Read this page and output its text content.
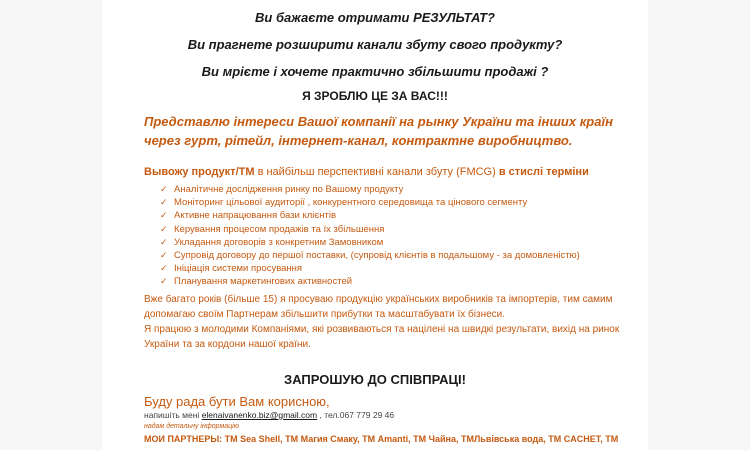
Ви бажаєте отримати РЕЗУЛЬТАТ?
Ви прагнете розширити канали збуту свого продукту?
Ви мрієте і хочете практично збільшити продажі ?
Я ЗРОБЛЮ ЦЕ ЗА ВАС!!!
Представлю інтереси Вашої компанії на рынку України та інших країн через гурт, рітейл, інтернет-канал, контрактне виробництво.
Вывожу продукт/ТМ в найбільш перспективні канали збуту (FMCG) в стислі терміни
✓ Аналітичне дослідження ринку по Вашому продукту
✓ Моніторинг цільової аудиторії , конкурентного середовища та цінового сегменту
✓ Активне напрацювання бази клієнтів
✓ Керування процесом продажів та їх збільшення
✓ Укладання договорів з конкретним Замовником
✓ Супровід договору до першої поставки, (супровід клієнтів в подальшому - за домовленістю)
✓ Ініціація системи просування
✓ Планування маркетингових активностей
Вже багато років (більше 15) я просуваю продукцію українських виробників та імпортерів, тим самим допомагаю своїм Партнерам збільшити прибутки та масштабувати їх бізнеси.
Я працюю з молодими Компаніями, які розвиваються та націлені на швидкі результати, вихід на ринок України та за кордони нашої країни.
ЗАПРОШУЮ ДО СПІВПРАЦІ!
Буду рада бути Вам корисною,
напишіть мені elenaivanenko.biz@gmail.com , тел.067 779 29 46
надам детальну інформацію
МОИ ПАРТНЕРЫ: ТМ Sea Shell, ТМ Магия Смаку, ТМ Amanti, ТМ Чайна, ТМЛьвівська вода, ТМ CACHET, ТМ
